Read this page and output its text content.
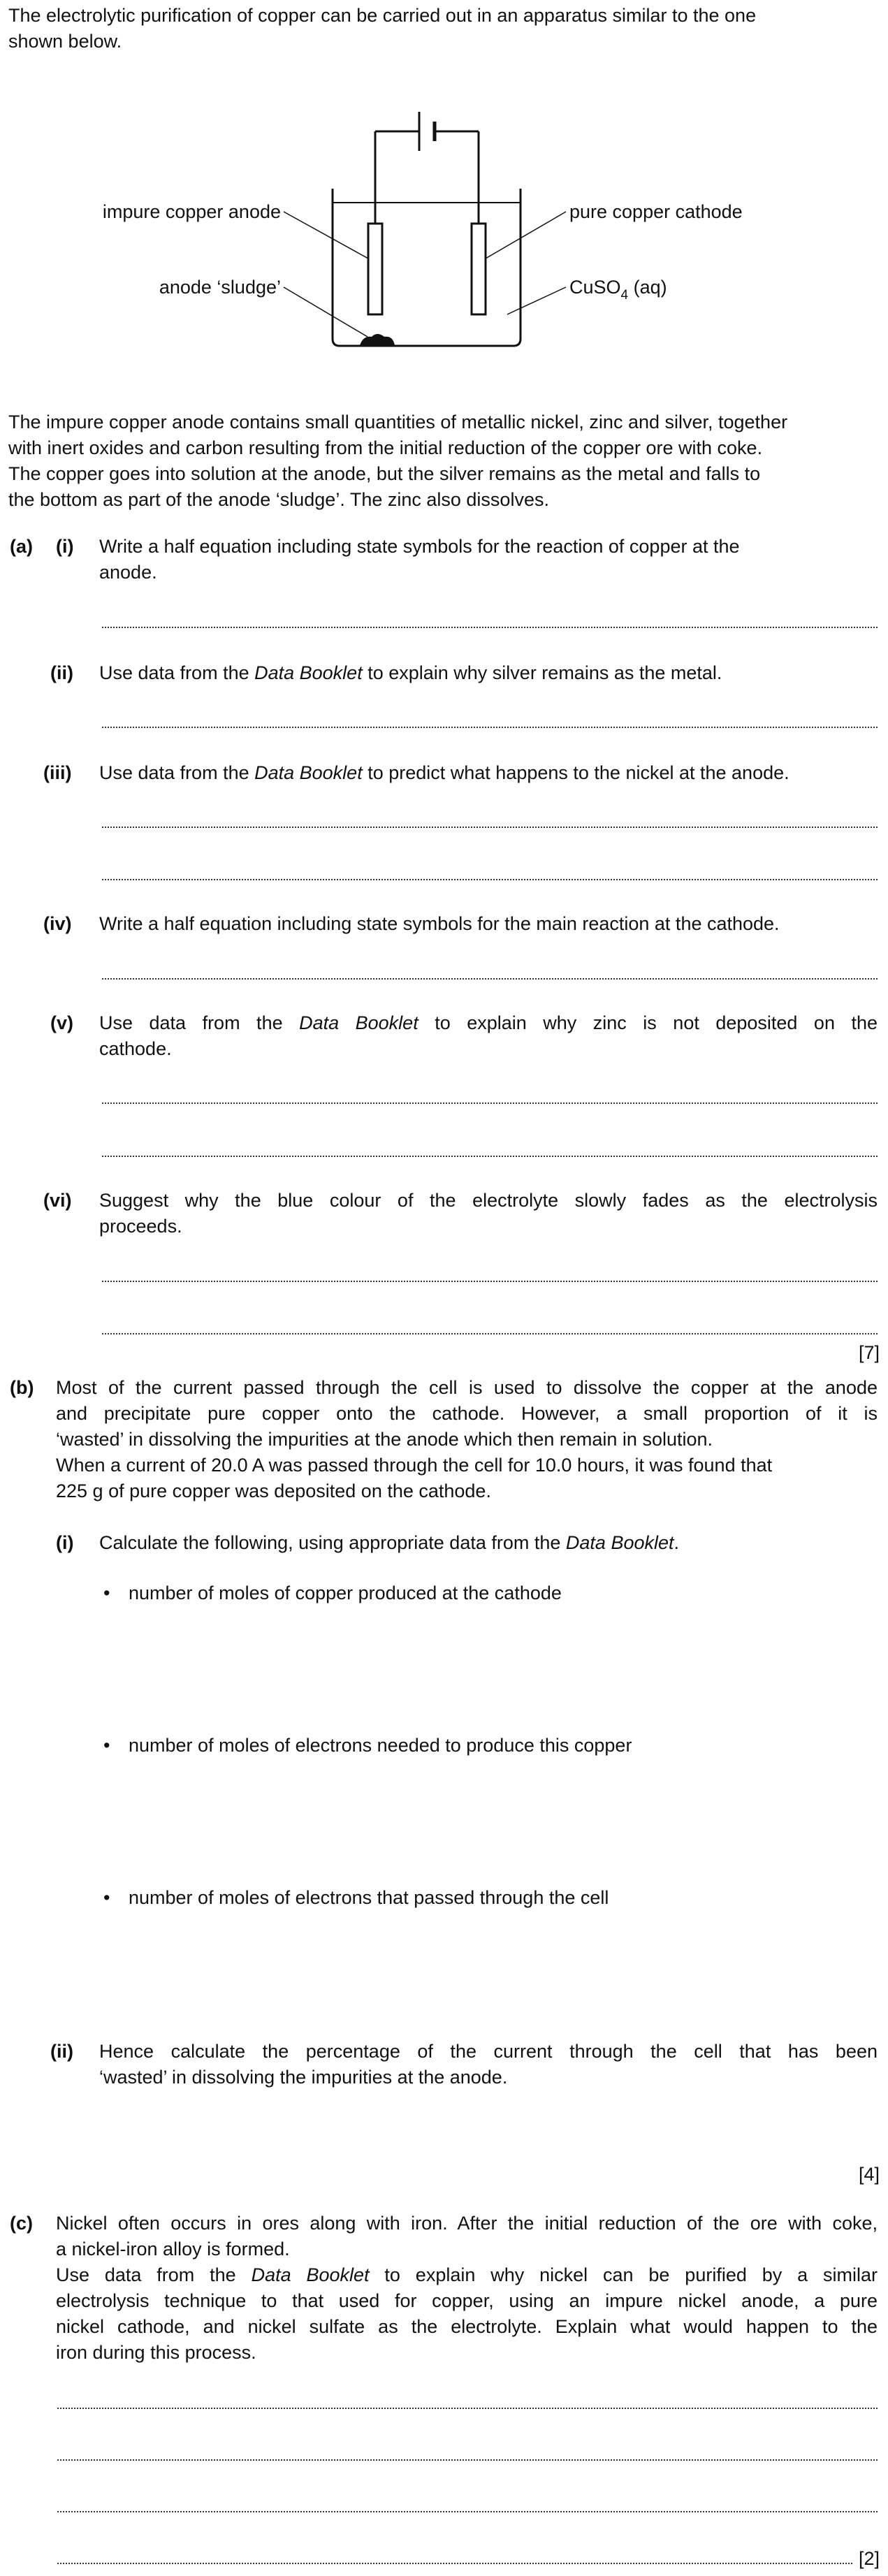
The electrolytic purification of copper can be carried out in an apparatus similar to the one
shown below.
impure copper anode
anode ‘sludge’
pure copper cathode
CuSO$_4$ (aq)
The impure copper anode contains small quantities of metallic nickel, zinc and silver, together
with inert oxides and carbon resulting from the initial reduction of the copper ore with coke.
The copper goes into solution at the anode, but the silver remains as the metal and falls to
the bottom as part of the anode ‘sludge’. The zinc also dissolves.
(a) (i) Write a half equation including state symbols for the reaction of copper at the
anode.
(ii) Use data from the Data Booklet to explain why silver remains as the metal.
(iii) Use data from the Data Booklet to predict what happens to the nickel at the anode.
(iv) Write a half equation including state symbols for the main reaction at the cathode.
(v) Use data from the Data Booklet to explain why zinc is not deposited on the
cathode.
(vi) Suggest why the blue colour of the electrolyte slowly fades as the electrolysis
proceeds.
[7]
(b) Most of the current passed through the cell is used to dissolve the copper at the anode
and precipitate pure copper onto the cathode. However, a small proportion of it is
‘wasted’ in dissolving the impurities at the anode which then remain in solution.
When a current of 20.0 A was passed through the cell for 10.0 hours, it was found that
225 g of pure copper was deposited on the cathode.
(i) Calculate the following, using appropriate data from the Data Booklet.
• number of moles of copper produced at the cathode
• number of moles of electrons needed to produce this copper
• number of moles of electrons that passed through the cell
(ii) Hence calculate the percentage of the current through the cell that has been
‘wasted’ in dissolving the impurities at the anode.
[4]
(c) Nickel often occurs in ores along with iron. After the initial reduction of the ore with coke,
a nickel-iron alloy is formed.
Use data from the Data Booklet to explain why nickel can be purified by a similar
electrolysis technique to that used for copper, using an impure nickel anode, a pure
nickel cathode, and nickel sulfate as the electrolyte. Explain what would happen to the
iron during this process.
[2]
